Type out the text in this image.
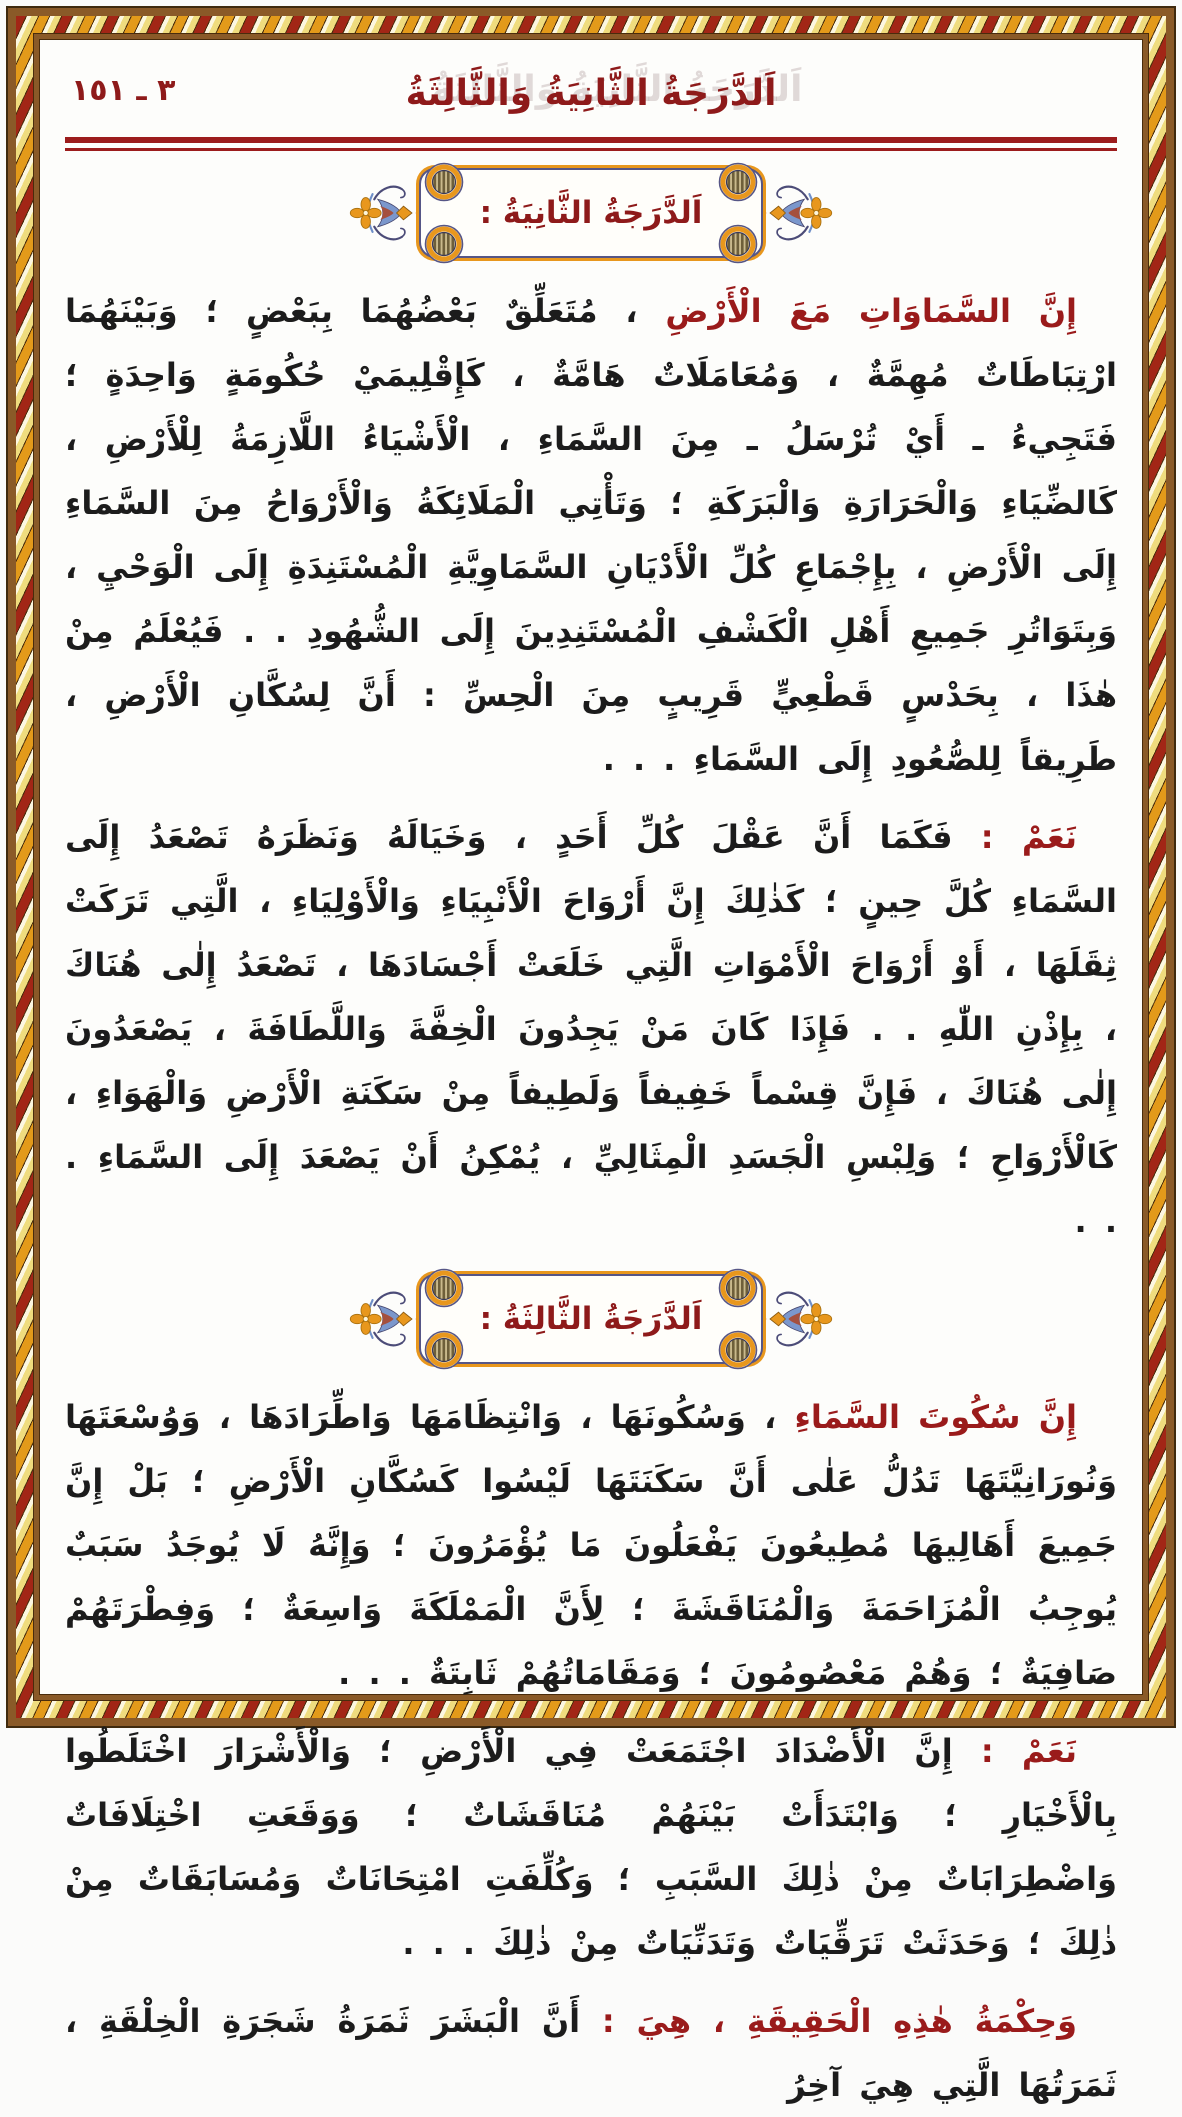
٣ ـ ١٥١	اَلدَّرَجَةُ الثَّانِيَةُ وَالثَّالِثَةُ
اَلدَّرَجَةُ الثَّانِيَةُ :

إِنَّ السَّمَاوَاتِ مَعَ الْأَرْضِ ، مُتَعَلِّقٌ بَعْضُهُمَا بِبَعْضٍ ؛ وَبَيْنَهُمَا ارْتِبَاطَاتٌ مُهِمَّةٌ ، وَمُعَامَلَاتٌ هَامَّةٌ ، كَإِقْلِيمَيْ حُكُومَةٍ وَاحِدَةٍ ؛ فَتَجِيءُ ـ أَيْ تُرْسَلُ ـ مِنَ السَّمَاءِ ، الْأَشْيَاءُ اللَّازِمَةُ لِلْأَرْضِ ، كَالضِّيَاءِ وَالْحَرَارَةِ وَالْبَرَكَةِ ؛ وَتَأْتِي الْمَلَائِكَةُ وَالْأَرْوَاحُ مِنَ السَّمَاءِ إِلَى الْأَرْضِ ، بِإِجْمَاعِ كُلِّ الْأَدْيَانِ السَّمَاوِيَّةِ الْمُسْتَنِدَةِ إِلَى الْوَحْيِ ، وَبِتَوَاتُرِ جَمِيعِ أَهْلِ الْكَشْفِ الْمُسْتَنِدِينَ إِلَى الشُّهُودِ . . فَيُعْلَمُ مِنْ هٰذَا ، بِحَدْسٍ قَطْعِيٍّ قَرِيبٍ مِنَ الْحِسِّ : أَنَّ لِسُكَّانِ الْأَرْضِ ، طَرِيقاً لِلصُّعُودِ إِلَى السَّمَاءِ . . .

نَعَمْ : فَكَمَا أَنَّ عَقْلَ كُلِّ أَحَدٍ ، وَخَيَالَهُ وَنَظَرَهُ تَصْعَدُ إِلَى السَّمَاءِ كُلَّ حِينٍ ؛ كَذٰلِكَ إِنَّ أَرْوَاحَ الْأَنْبِيَاءِ وَالْأَوْلِيَاءِ ، الَّتِي تَرَكَتْ ثِقَلَهَا ، أَوْ أَرْوَاحَ الْأَمْوَاتِ الَّتِي خَلَعَتْ أَجْسَادَهَا ، تَصْعَدُ إِلٰى هُنَاكَ ، بِإِذْنِ اللّٰهِ . . فَإِذَا كَانَ مَنْ يَجِدُونَ الْخِفَّةَ وَاللَّطَافَةَ ، يَصْعَدُونَ إِلٰى هُنَاكَ ، فَإِنَّ قِسْماً خَفِيفاً وَلَطِيفاً مِنْ سَكَنَةِ الْأَرْضِ وَالْهَوَاءِ ، كَالْأَرْوَاحِ ؛ وَلِبْسِ الْجَسَدِ الْمِثَالِيِّ ، يُمْكِنُ أَنْ يَصْعَدَ إِلَى السَّمَاءِ . . .

اَلدَّرَجَةُ الثَّالِثَةُ :

إِنَّ سُكُوتَ السَّمَاءِ ، وَسُكُونَهَا ، وَانْتِظَامَهَا وَاطِّرَادَهَا ، وَوُسْعَتَهَا وَنُورَانِيَّتَهَا تَدُلُّ عَلٰى أَنَّ سَكَنَتَهَا لَيْسُوا كَسُكَّانِ الْأَرْضِ ؛ بَلْ إِنَّ جَمِيعَ أَهَالِيهَا مُطِيعُونَ يَفْعَلُونَ مَا يُؤْمَرُونَ ؛ وَإِنَّهُ لَا يُوجَدُ سَبَبٌ يُوجِبُ الْمُزَاحَمَةَ وَالْمُنَاقَشَةَ ؛ لِأَنَّ الْمَمْلَكَةَ وَاسِعَةٌ ؛ وَفِطْرَتَهُمْ صَافِيَةٌ ؛ وَهُمْ مَعْصُومُونَ ؛ وَمَقَامَاتُهُمْ ثَابِتَةٌ . . .

نَعَمْ : إِنَّ الْأَضْدَادَ اجْتَمَعَتْ فِي الْأَرْضِ ؛ وَالْأَشْرَارَ اخْتَلَطُوا بِالْأَخْيَارِ ؛ وَابْتَدَأَتْ بَيْنَهُمْ مُنَاقَشَاتٌ ؛ وَوَقَعَتِ اخْتِلَافَاتٌ وَاضْطِرَابَاتٌ مِنْ ذٰلِكَ السَّبَبِ ؛ وَكُلِّفَتِ امْتِحَانَاتٌ وَمُسَابَقَاتٌ مِنْ ذٰلِكَ ؛ وَحَدَثَتْ تَرَقِّيَاتٌ وَتَدَنِّيَاتٌ مِنْ ذٰلِكَ . . .

وَحِكْمَةُ هٰذِهِ الْحَقِيقَةِ ، هِيَ : أَنَّ الْبَشَرَ ثَمَرَةُ شَجَرَةِ الْخِلْقَةِ ، ثَمَرَتُهَا الَّتِي هِيَ آخِرُ
